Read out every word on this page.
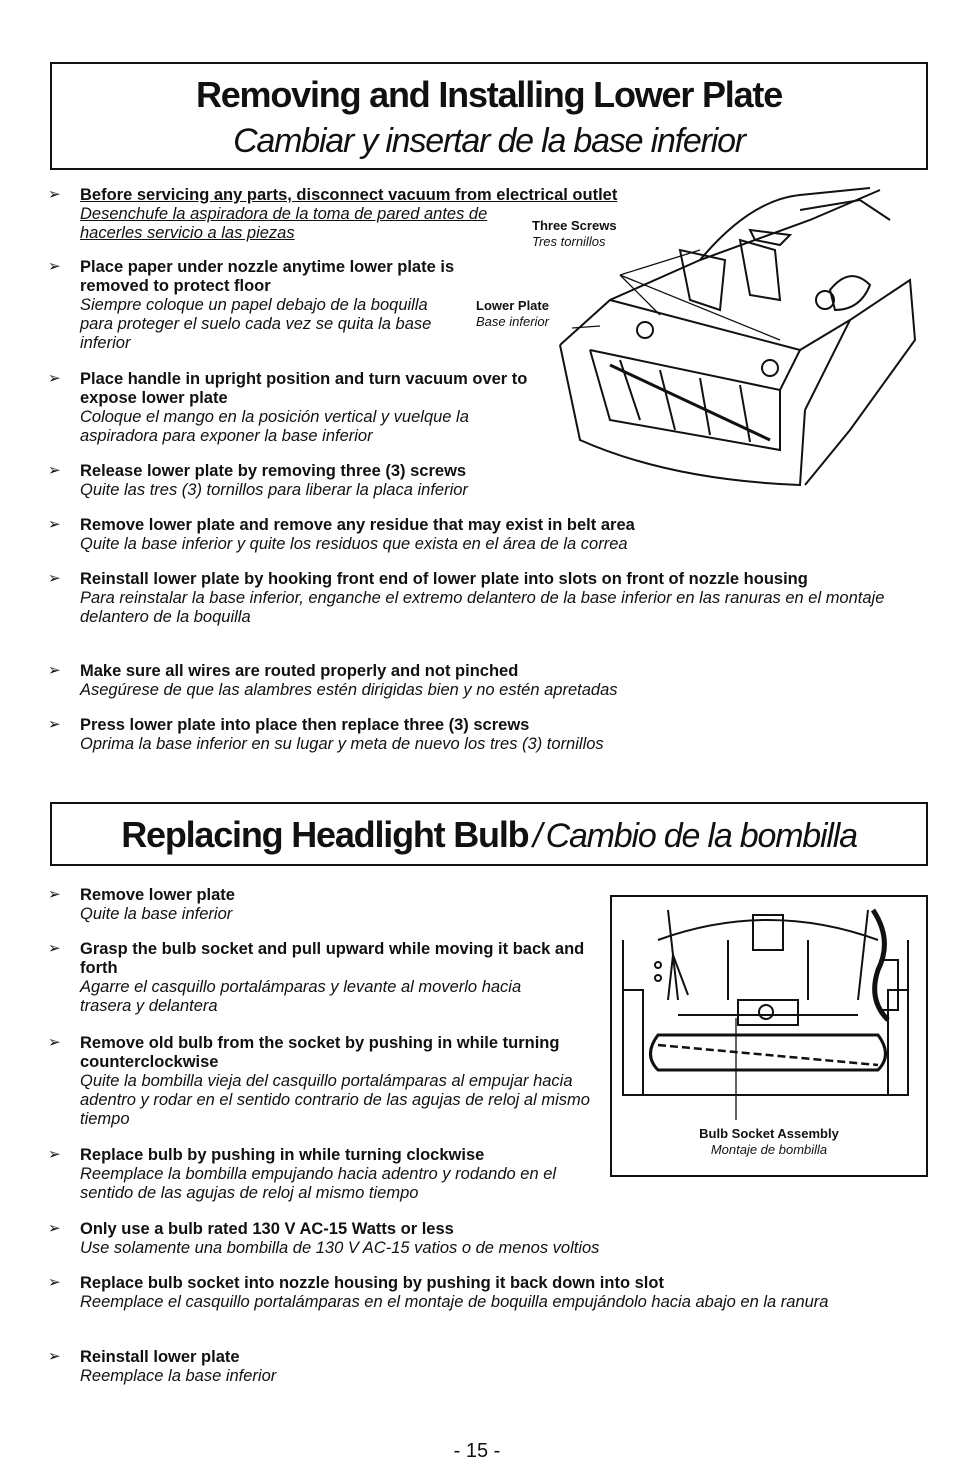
Removing and Installing Lower Plate
Cambiar y insertar de la base inferior
Three Screws
Tres tornillos
Lower Plate
Base inferior
➢ Before servicing any parts, disconnect vacuum from electrical outlet
Desenchufe la aspiradora de la toma de pared antes de hacerles servicio a las piezas
➢ Place paper under nozzle anytime lower plate is removed to protect floor
Siempre coloque un papel debajo de la boquilla para proteger el suelo cada vez se quita la base inferior
➢ Place handle in upright position and turn vacuum over to expose lower plate
Coloque el mango en la posición vertical y vuelque la aspiradora para exponer la base inferior
➢ Release lower plate by removing three (3) screws
Quite las tres (3) tornillos para liberar la placa inferior
➢ Remove lower plate and remove any residue that may exist in belt area
Quite la base inferior y quite los residuos que exista en el área de la correa
➢ Reinstall lower plate by hooking front end of lower plate into slots on front of nozzle housing
Para reinstalar la base inferior, enganche el extremo delantero de la base inferior en las ranuras en el montaje delantero de la boquilla
➢ Make sure all wires are routed properly and not pinched
Asegúrese de que las alambres estén dirigidas bien y no estén apretadas
➢ Press lower plate into place then replace three (3) screws
Oprima la base inferior en su lugar y meta de nuevo los tres (3) tornillos
Replacing Headlight Bulb / Cambio de la bombilla
Bulb Socket Assembly
Montaje de bombilla
➢ Remove lower plate
Quite la base inferior
➢ Grasp the bulb socket and pull upward while moving it back and forth
Agarre el casquillo portalámparas y levante al moverlo hacia trasera y delantera
➢ Remove old bulb from the socket by pushing in while turning counterclockwise
Quite la bombilla vieja del casquillo portalámparas al empujar hacia adentro y rodar en el sentido contrario de las agujas de reloj al mismo tiempo
➢ Replace bulb by pushing in while turning clockwise
Reemplace la bombilla empujando hacia adentro y rodando en el sentido de las agujas de reloj al mismo tiempo
➢ Only use a bulb rated 130 V AC-15 Watts or less
Use solamente una bombilla de 130 V AC-15 vatios o de menos voltios
➢ Replace bulb socket into nozzle housing by pushing it back down into slot
Reemplace el casquillo portalámparas en el montaje de boquilla empujándolo hacia abajo en la ranura
➢ Reinstall lower plate
Reemplace la base inferior
- 15 -
